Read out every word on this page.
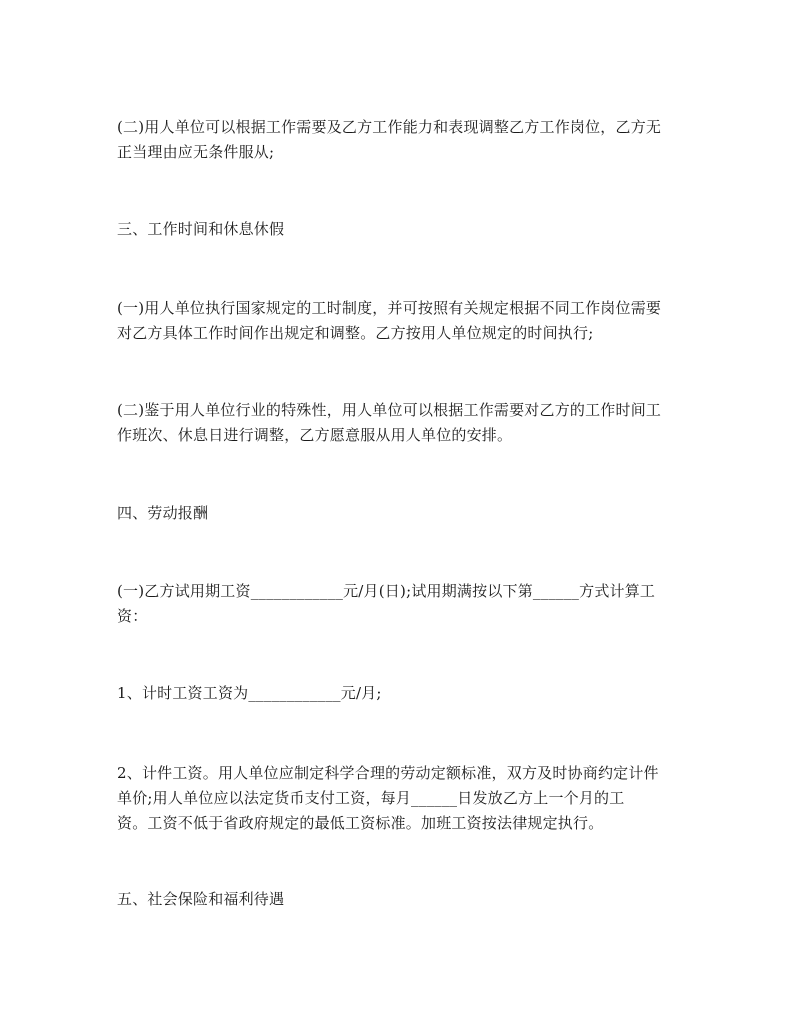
(二)用人单位可以根据工作需要及乙方工作能力和表现调整乙方工作岗位，乙方无
正当理由应无条件服从;

三、工作时间和休息休假

(一)用人单位执行国家规定的工时制度，并可按照有关规定根据不同工作岗位需要
对乙方具体工作时间作出规定和调整。乙方按用人单位规定的时间执行;

(二)鉴于用人单位行业的特殊性，用人单位可以根据工作需要对乙方的工作时间工
作班次、休息日进行调整，乙方愿意服从用人单位的安排。

四、劳动报酬

(一)乙方试用期工资____________元/月(日);试用期满按以下第______方式计算工
资：

1、计时工资工资为____________元/月;

2、计件工资。用人单位应制定科学合理的劳动定额标准，双方及时协商约定计件
单价;用人单位应以法定货币支付工资，每月______日发放乙方上一个月的工
资。工资不低于省政府规定的最低工资标准。加班工资按法律规定执行。

五、社会保险和福利待遇
